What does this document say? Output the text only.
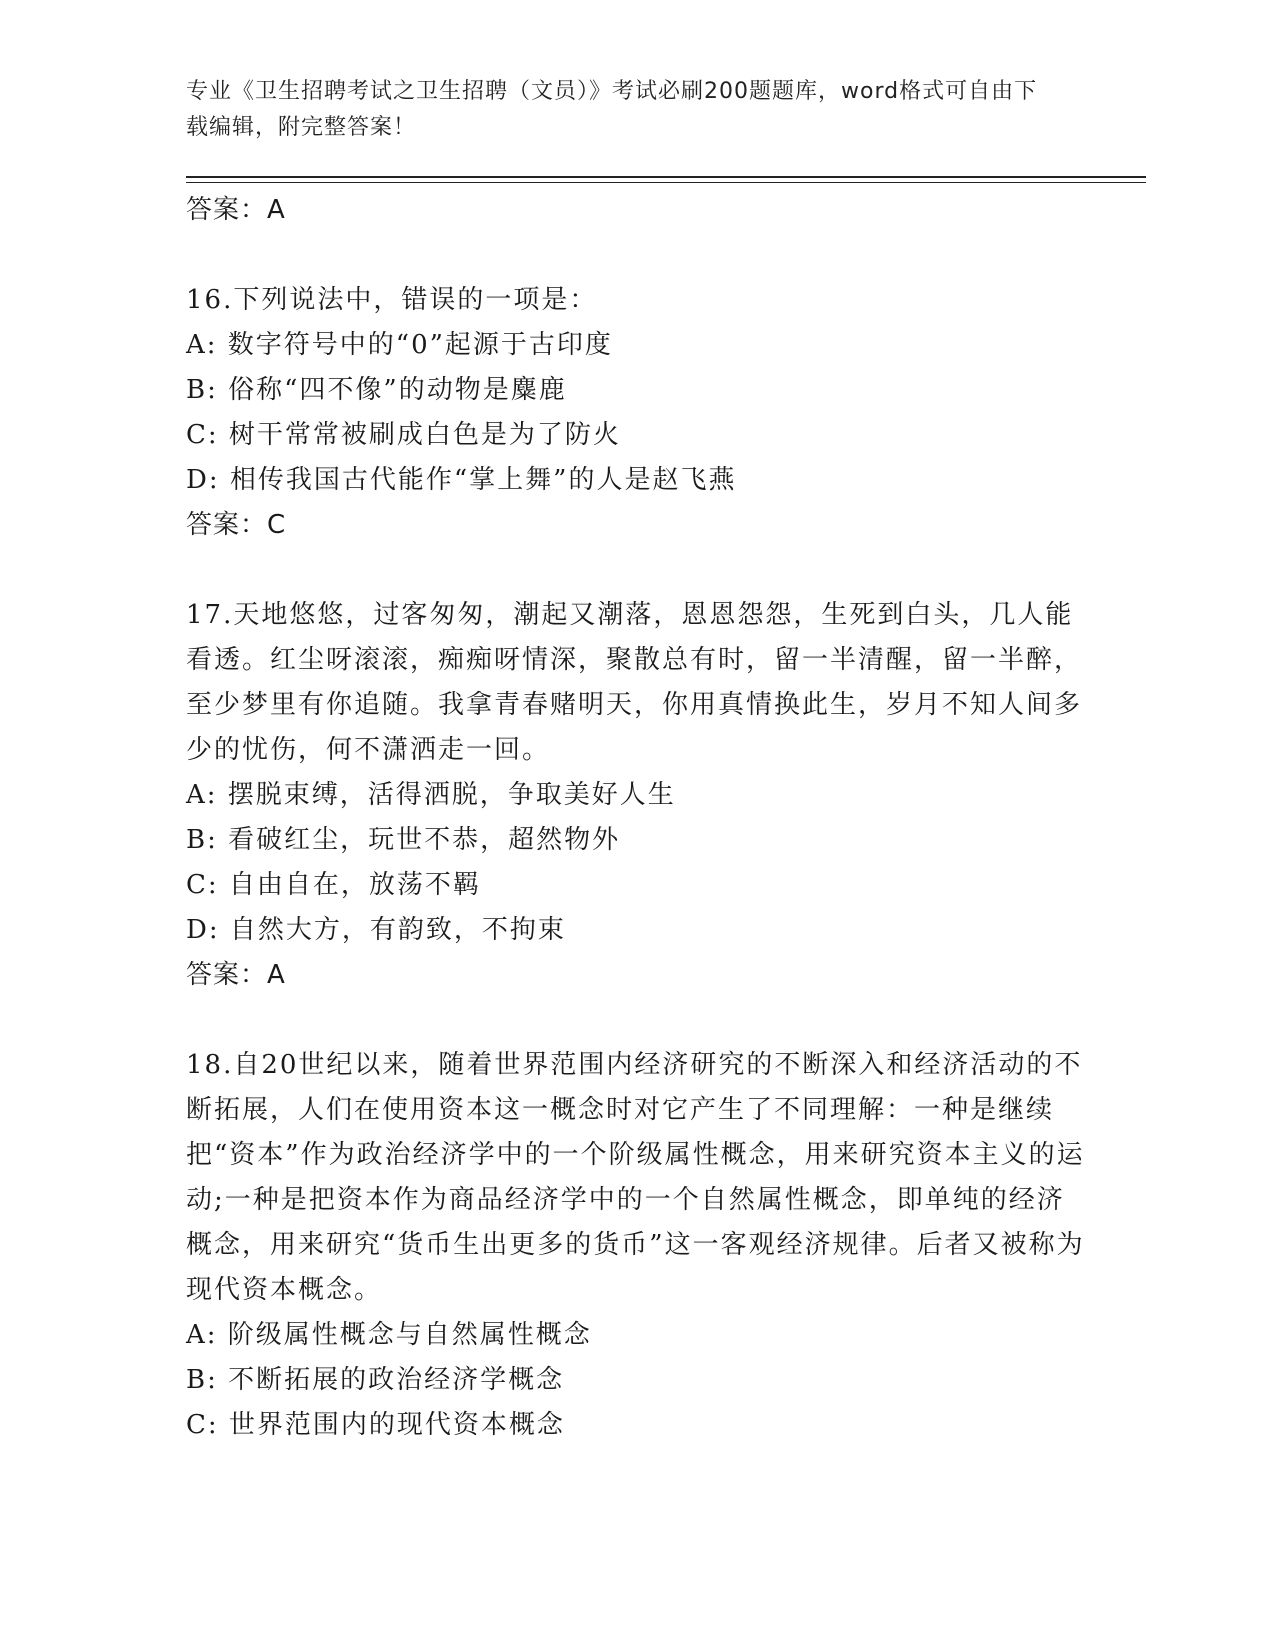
专业《卫生招聘考试之卫生招聘（文员）》考试必刷200题题库，word格式可自由下载编辑，附完整答案！
答案：A
16.下列说法中，错误的一项是：
A: 数字符号中的“0”起源于古印度
B: 俗称“四不像”的动物是麋鹿
C: 树干常常被刷成白色是为了防火
D: 相传我国古代能作“掌上舞”的人是赵飞燕
答案：C
17.天地悠悠，过客匆匆，潮起又潮落，恩恩怨怨，生死到白头，几人能看透。红尘呀滚滚，痴痴呀情深，聚散总有时，留一半清醒，留一半醉，至少梦里有你追随。我拿青春赌明天，你用真情换此生，岁月不知人间多少的忧伤，何不潇洒走一回。
A: 摆脱束缚，活得洒脱，争取美好人生
B: 看破红尘，玩世不恭，超然物外
C: 自由自在，放荡不羁
D: 自然大方，有韵致，不拘束
答案：A
18.自20世纪以来，随着世界范围内经济研究的不断深入和经济活动的不断拓展，人们在使用资本这一概念时对它产生了不同理解：一种是继续把“资本”作为政治经济学中的一个阶级属性概念，用来研究资本主义的运动;一种是把资本作为商品经济学中的一个自然属性概念，即单纯的经济概念，用来研究“货币生出更多的货币”这一客观经济规律。后者又被称为现代资本概念。
A: 阶级属性概念与自然属性概念
B: 不断拓展的政治经济学概念
C: 世界范围内的现代资本概念
